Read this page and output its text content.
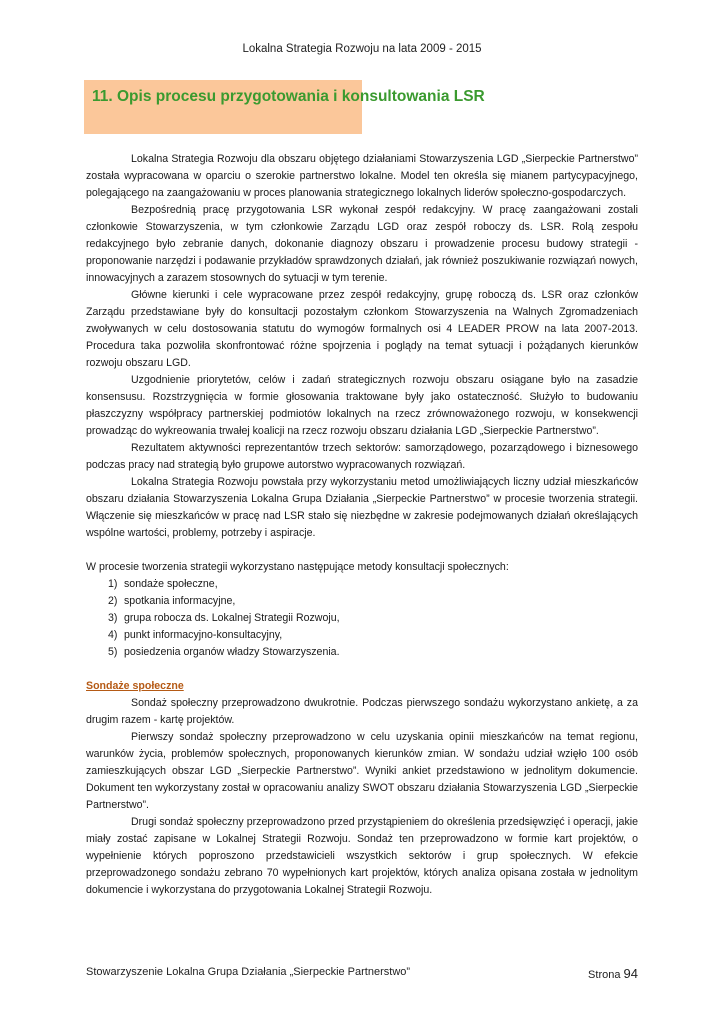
Lokalna Strategia Rozwoju na lata 2009 - 2015
11. Opis procesu przygotowania i konsultowania LSR

Lokalna Strategia Rozwoju dla obszaru objętego działaniami Stowarzyszenia LGD „Sierpeckie Partnerstwo” została wypracowana w oparciu o szerokie partnerstwo lokalne. Model ten określa się mianem partycypacyjnego, polegającego na zaangażowaniu w proces planowania strategicznego lokalnych liderów społeczno-gospodarczych.

Bezpośrednią pracę przygotowania LSR wykonał zespół redakcyjny. W pracę zaangażowani zostali członkowie Stowarzyszenia, w tym członkowie Zarządu LGD oraz zespół roboczy ds. LSR. Rolą zespołu redakcyjnego było zebranie danych, dokonanie diagnozy obszaru i prowadzenie procesu budowy strategii - proponowanie narzędzi i podawanie przykładów sprawdzonych działań, jak również poszukiwanie rozwiązań nowych, innowacyjnych a zarazem stosownych do sytuacji w tym terenie.

Główne kierunki i cele wypracowane przez zespół redakcyjny, grupę roboczą ds. LSR oraz członków Zarządu przedstawiane były do konsultacji pozostałym członkom Stowarzyszenia na Walnych Zgromadzeniach zwoływanych w celu dostosowania statutu do wymogów formalnych osi 4 LEADER PROW na lata 2007-2013. Procedura taka pozwoliła skonfrontować różne spojrzenia i poglądy na temat sytuacji i pożądanych kierunków rozwoju obszaru LGD.

Uzgodnienie priorytetów, celów i zadań strategicznych rozwoju obszaru osiągane było na zasadzie konsensusu. Rozstrzygnięcia w formie głosowania traktowane były jako ostateczność. Służyło to budowaniu płaszczyzny współpracy partnerskiej podmiotów lokalnych na rzecz zrównoważonego rozwoju, w konsekwencji prowadząc do wykreowania trwałej koalicji na rzecz rozwoju obszaru działania LGD „Sierpeckie Partnerstwo”.

Rezultatem aktywności reprezentantów trzech sektorów: samorządowego, pozarządowego i biznesowego podczas pracy nad strategią było grupowe autorstwo wypracowanych rozwiązań.

Lokalna Strategia Rozwoju powstała przy wykorzystaniu metod umożliwiających liczny udział mieszkańców obszaru działania Stowarzyszenia Lokalna Grupa Działania „Sierpeckie Partnerstwo” w procesie tworzenia strategii. Włączenie się mieszkańców w pracę nad LSR stało się niezbędne w zakresie podejmowanych działań określających wspólne wartości, problemy, potrzeby i aspiracje.

W procesie tworzenia strategii wykorzystano następujące metody konsultacji społecznych:

1) sondaże społeczne,
2) spotkania informacyjne,
3) grupa robocza ds. Lokalnej Strategii Rozwoju,
4) punkt informacyjno-konsultacyjny,
5) posiedzenia organów władzy Stowarzyszenia.
Sondaże społeczne

Sondaż społeczny przeprowadzono dwukrotnie. Podczas pierwszego sondażu wykorzystano ankietę, a za drugim razem - kartę projektów.

Pierwszy sondaż społeczny przeprowadzono w celu uzyskania opinii mieszkańców na temat regionu, warunków życia, problemów społecznych, proponowanych kierunków zmian. W sondażu udział wzięło 100 osób zamieszkujących obszar LGD „Sierpeckie Partnerstwo”. Wyniki ankiet przedstawiono w jednolitym dokumencie. Dokument ten wykorzystany został w opracowaniu analizy SWOT obszaru działania Stowarzyszenia LGD „Sierpeckie Partnerstwo”.

Drugi sondaż społeczny przeprowadzono przed przystąpieniem do określenia przedsięwzięć i operacji, jakie miały zostać zapisane w Lokalnej Strategii Rozwoju. Sondaż ten przeprowadzono w formie kart projektów, o wypełnienie których poproszono przedstawicieli wszystkich sektorów i grup społecznych. W efekcie przeprowadzonego sondażu zebrano 70 wypełnionych kart projektów, których analiza opisana została w jednolitym dokumencie i wykorzystana do przygotowania Lokalnej Strategii Rozwoju.

Stowarzyszenie Lokalna Grupa Działania „Sierpeckie Partnerstwo”	Strona 94
